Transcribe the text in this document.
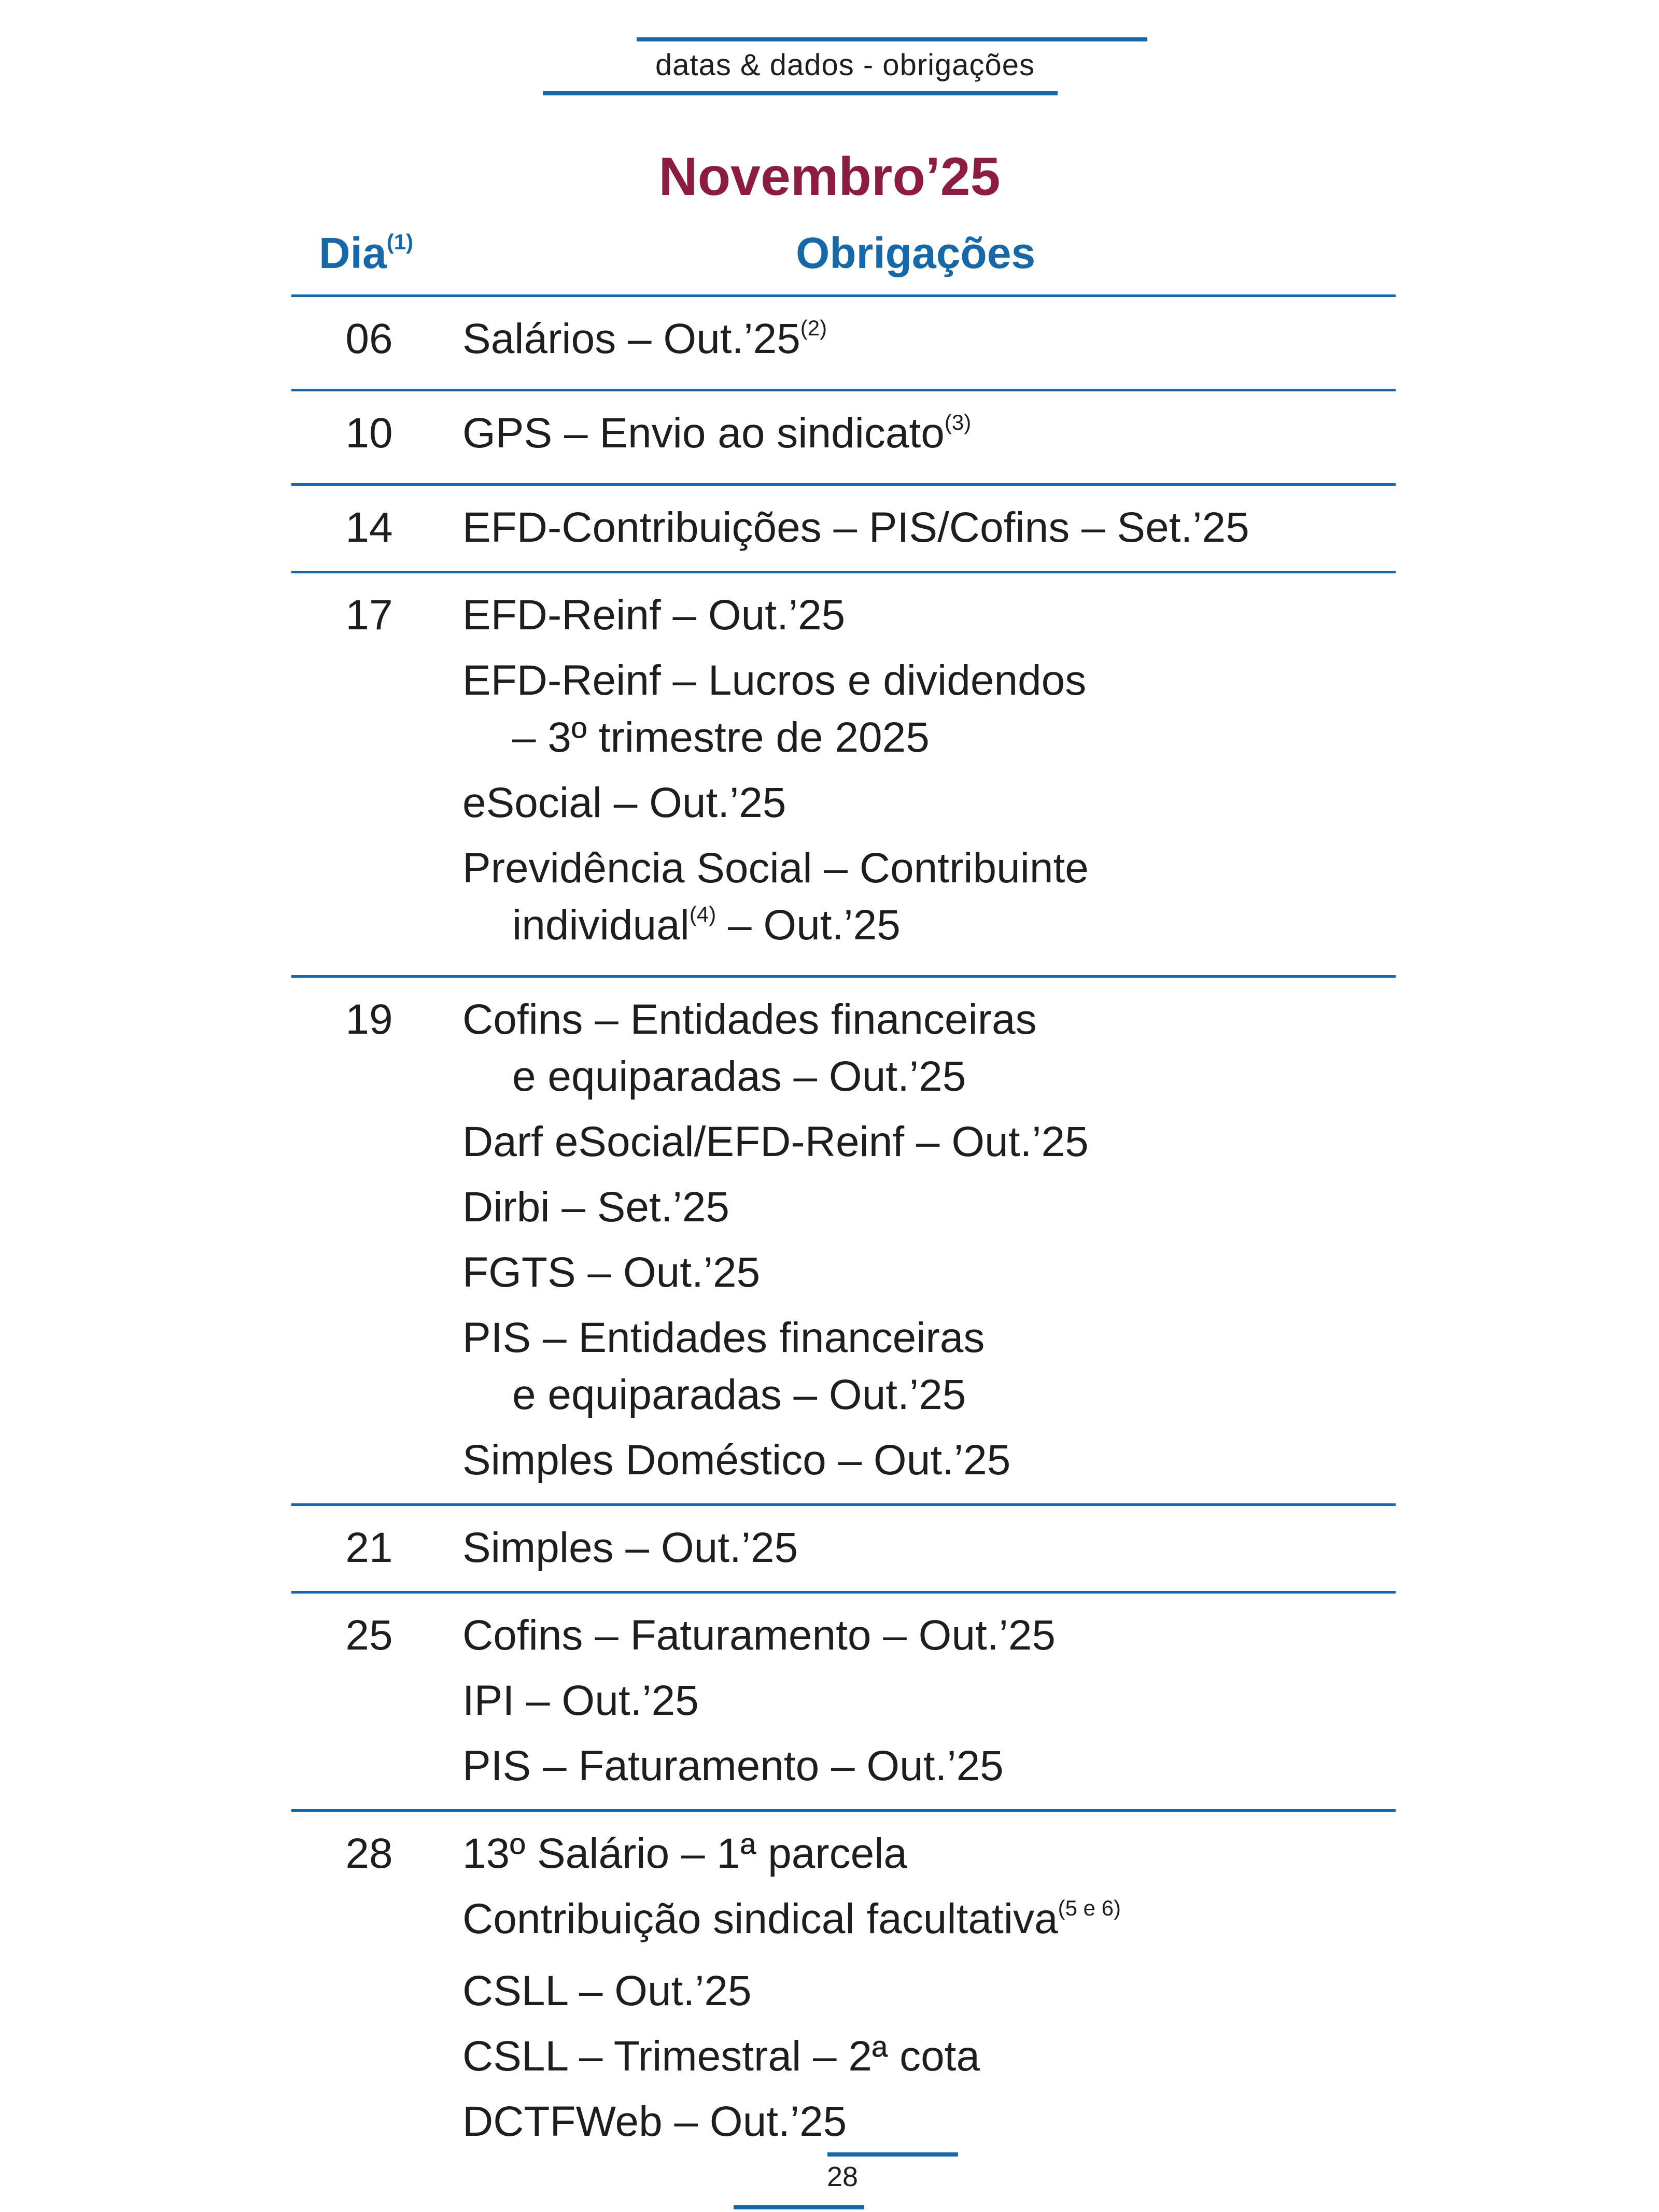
datas & dados - obrigações
Novembro’25
Dia$^{(1)}$	Obrigações
06	Salários – Out.’25$^{(2)}$
10	GPS – Envio ao sindicato$^{(3)}$
14	EFD-Contribuições – PIS/Cofins – Set.’25
17	EFD-Reinf – Out.’25
EFD-Reinf – Lucros e dividendos
– 3º trimestre de 2025
eSocial – Out.’25
Previdência Social – Contribuinte
individual$^{(4)}$ – Out.’25
19	Cofins – Entidades financeiras
e equiparadas – Out.’25
Darf eSocial/EFD-Reinf – Out.’25
Dirbi – Set.’25
FGTS – Out.’25
PIS – Entidades financeiras
e equiparadas – Out.’25
Simples Doméstico – Out.’25
21	Simples – Out.’25
25	Cofins – Faturamento – Out.’25
IPI – Out.’25
PIS – Faturamento – Out.’25
28	13º Salário – 1ª parcela
Contribuição sindical facultativa$^{(5 e 6)}$
CSLL – Out.’25
CSLL – Trimestral – 2ª cota
DCTFWeb – Out.’25
28
